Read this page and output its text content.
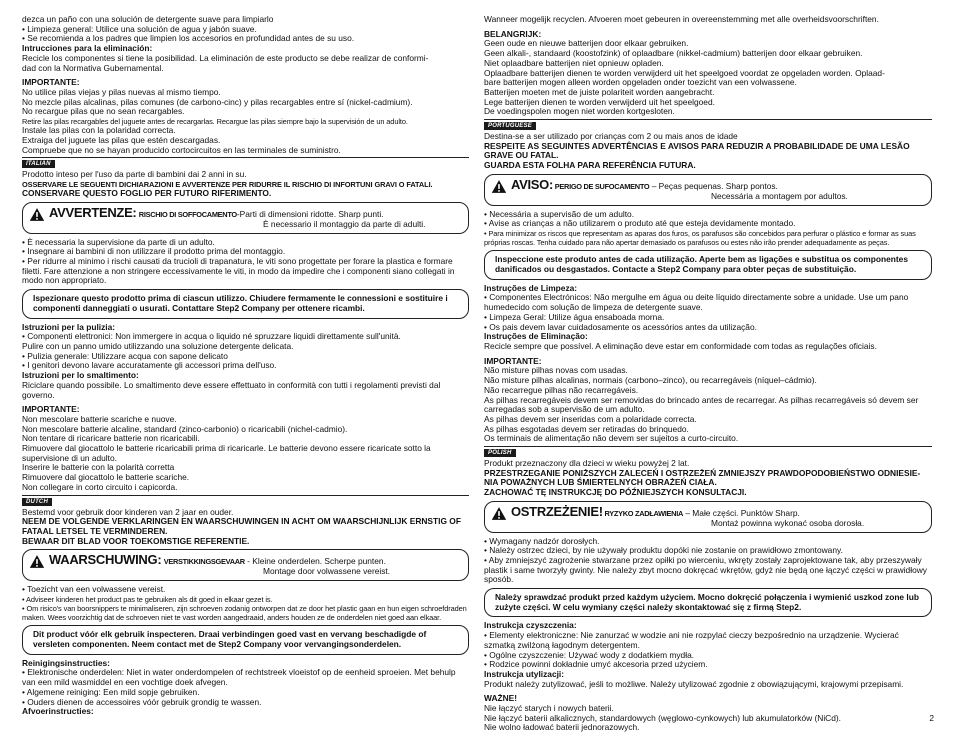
dezca un paño con una solución de detergente suave para limpiarlo

• Limpieza general: Utilice una solución de agua y jabón suave.

• Se recomienda a los padres que limpien los accesorios en profundidad antes de su uso.

Intrucciones para la eliminación:

Recicle los componentes si tiene la posibilidad. La eliminación de este producto se debe realizar de conformi-

dad con la Normativa Gubernamental.

IMPORTANTE:

No utilice pilas viejas y pilas nuevas al mismo tiempo.

No mezcle pilas alcalinas, pilas comunes (de carbono-cinc) y pilas recargables entre sí (nickel-cadmium).

No recargue pilas que no sean recargables.

Retire las pilas recargables del juguete antes de recargarlas. Recargue las pilas siempre bajo la supervisión de un adulto.

Instale las pilas con la polaridad correcta.

Extraiga del juguete las pilas que estén descargadas.

Compruebe que no se hayan producido cortocircuitos en las terminales de suministro.

ITALIAN

Prodotto inteso per l'uso da parte di bambini dai 2 anni in su.

OSSERVARE LE SEGUENTI DICHIARAZIONI E AVVERTENZE PER RIDURRE IL RISCHIO DI INFORTUNI GRAVI O FATALI.

CONSERVARE QUESTO FOGLIO PER FUTURO RIFERIMENTO.

AVVERTENZE: RISCHIO DI SOFFOCAMENTO-Parti di dimensioni ridotte. Sharp punti.
È necessario il montaggio da parte di adulti.

• È necessaria la supervisione da parte di un adulto.

• Insegnare ai bambini di non utilizzare il prodotto prima del montaggio.

• Per ridurre al minimo i rischi causati da trucioli di trapanatura, le viti sono progettate per forare la plastica e formare filetti. Fare attenzione a non stringere eccessivamente le viti, in modo da impedire che i componenti siano collegati in modo non appropriato.

Ispezionare questo prodotto prima di ciascun utilizzo. Chiudere fermamente le connessioni e sostituire i componenti danneggiati o usurati. Contattare Step2 Company per ottenere ricambi.

Istruzioni per la pulizia:

• Componenti elettronici: Non immergere in acqua o liquido né spruzzare liquidi direttamente sull'unità.

Pulire con un panno umido utilizzando una soluzione detergente delicata.

• Pulizia generale: Utilizzare acqua con sapone delicato

• I genitori devono lavare accuratamente gli accessori prima dell'uso.

Istruzioni per lo smaltimento:

Riciclare quando possibile. Lo smaltimento deve essere effettuato in conformità con tutti i regolamenti previsti dal governo.

IMPORTANTE:

Non mescolare batterie scariche e nuove.

Non mescolare batterie alcaline, standard (zinco-carbonio) o ricaricabili (nichel-cadmio).

Non tentare di ricaricare batterie non ricaricabili.

Rimuovere dal giocattolo le batterie ricaricabili prima di ricaricarle. Le batterie devono essere ricaricate sotto la supervisione di un adulto.

Inserire le batterie con la polarità corretta

Rimuovere dal giocattolo le batterie scariche.

Non collegare in corto circuito i capicorda.

DUTCH

Bestemd voor gebruik door kinderen van 2 jaar en ouder.

NEEM DE VOLGENDE VERKLARINGEN EN WAARSCHUWINGEN IN ACHT OM WAARSCHIJNLIJK ERNSTIG OF FATAAL LETSEL TE VERMINDEREN.

BEWAAR DIT BLAD VOOR TOEKOMSTIGE REFERENTIE.

WAARSCHUWING: VERSTIKKINGSGEVAAR - Kleine onderdelen. Scherpe punten.
Montage door volwassene vereist.

• Toezicht van een volwassene vereist.

• Adviseer kinderen het product pas te gebruiken als dit goed in elkaar gezet is.

• Om risico's van boorsnippers te minimaliseren, zijn schroeven zodanig ontworpen dat ze door het plastic gaan en hun eigen schroefdraden maken. Wees voorzichtig dat de schroeven niet te vast worden aangedraaid, anders houden ze de onderdelen niet goed aan elkaar.

Dit product vóór elk gebruik inspecteren. Draai verbindingen goed vast en vervang beschadigde of versleten componenten. Neem contact met de Step2 Company voor vervangingsonderdelen.

Reinigingsinstructies:

• Elektronische onderdelen: Niet in water onderdompelen of rechtstreek vloeistof op de eenheid sproeien. Met behulp van een mild wasmiddel en een vochtige doek afvegen.

• Algemene reiniging: Een mild sopje gebruiken.

• Ouders dienen de accessoires vóór gebruik grondig te wassen.

Afvoerinstructies:

Wanneer mogelijk recyclen. Afvoeren moet gebeuren in overeenstemming met alle overheidsvoorschriften.

BELANGRIJK:

Geen oude en nieuwe batterijen door elkaar gebruiken.

Geen alkali-, standaard (koostofzink) of oplaadbare (nikkel-cadmium) batterijen door elkaar gebruiken.

Niet oplaadbare batterijen niet opnieuw opladen.

Oplaadbare batterijen dienen te worden verwijderd uit het speelgoed voordat ze opgeladen worden. Oplaad-

bare batterijen mogen alleen worden opgeladen onder toezicht van een volwassene.

Batterijen moeten met de juiste polariteit worden aangebracht.

Lege batterijen dienen te worden verwijderd uit het speelgoed.

De voedingspolen mogen niet worden kortgesloten.

PORTUGUESE

Destina-se a ser utilizado por crianças com 2 ou mais anos de idade

RESPEITE AS SEGUINTES ADVERTÊNCIAS E AVISOS PARA REDUZIR A PROBABILIDADE DE UMA LESÃO GRAVE OU FATAL.

GUARDA ESTA FOLHA PARA REFERÊNCIA FUTURA.

AVISO: PERIGO DE SUFOCAMENTO – Peças pequenas. Sharp pontos.
Necessária a montagem por adultos.

• Necessária a supervisão de um adulto.

• Avise as crianças a não utilizarem o produto até que esteja devidamente montado.

• Para minimizar os riscos que representam as aparas dos furos, os parafusos são concebidos para perfurar o plástico e formar as suas próprias roscas. Tenha cuidado para não apertar demasiado os parafusos ou estes não irão prender adequadamente as peças.

Inspeccione este produto antes de cada utilização. Aperte bem as ligações e substitua os componentes danificados ou desgastados. Contacte a Step2 Company para obter peças de substituição.

Instruções de Limpeza:

• Componentes Electrónicos: Não mergulhe em água ou deite líquido directamente sobre a unidade. Use um pano humedecido com solução de limpeza de detergente suave.

• Limpeza Geral: Utilize água ensaboada morna.

• Os pais devem lavar cuidadosamente os acessórios antes da utilização.

Instruções de Eliminação:

Recicle sempre que possível. A eliminação deve estar em conformidade com todas as regulações oficiais.

IMPORTANTE:

Não misture pilhas novas com usadas.

Não misture pilhas alcalinas, normais (carbono–zinco), ou recarregáveis (níquel–cádmio).

Não recarregue pilhas não recarregáveis.

As pilhas recarregáveis devem ser removidas do brincado antes de recarregar. As pilhas recarregáveis só devem ser carregadas sob a supervisão de um adulto.

As pilhas devem ser inseridas com a polaridade correcta.

As pilhas esgotadas devem ser retiradas do brinquedo.

Os terminais de alimentação não devem ser sujeitos a curto-circuito.

POLISH

Produkt przeznaczony dla dzieci w wieku powyżej 2 lat.

PRZESTRZEGANIE PONIŻSZYCH ZALECEŃ I OSTRZEŻEŃ ZMNIEJSZY PRAWDOPODOBIEŃSTWO ODNIESIE-NIA POWAŻNYCH LUB ŚMIERTELNYCH OBRAŻEŃ CIAŁA.

ZACHOWAĆ TĘ INSTRUKCJĘ DO PÓŹNIEJSZYCH KONSULTACJI.

OSTRZEŻENIE! RYZYKO ZADŁAWIENIA – Małe części. Punktów Sharp.
Montaż powinna wykonać osoba dorosła.

• Wymagany nadzór dorosłych.

• Należy ostrzec dzieci, by nie używały produktu dopóki nie zostanie on prawidłowo zmontowany.

• Aby zmniejszyć zagrożenie stwarzane przez opiłki po wierceniu, wkręty zostały zaprojektowane tak, aby przeszywały plastik i same tworzyły gwinty. Nie należy zbyt mocno dokręcać wkrętów, gdyż nie będą one łączyć części w prawidłowy sposób.

Należy sprawdzać produkt przed każdym użyciem. Mocno dokręcić połączenia i wymienić uszkod zone lub zużyte części. W celu wymiany części należy skontaktować się z firmą Step2.

Instrukcja czyszczenia:

• Elementy elektroniczne: Nie zanurzać w wodzie ani nie rozpylać cieczy bezpośrednio na urządzenie. Wycierać szmatką zwilżoną łagodnym detergentem.

• Ogólne czyszczenie: Używać wody z dodatkiem mydła.

• Rodzice powinni dokładnie umyć akcesoria przed użyciem.

Instrukcja utylizacji:

Produkt należy zutylizować, jeśli to możliwe. Należy utylizować zgodnie z obowiązującymi, krajowymi przepisami.

WAŻNE!

Nie łączyć starych i nowych baterii.

Nie łączyć baterii alkalicznych, standardowych (węglowo-cynkowych) lub akumulatorków (NiCd).

Nie wolno ładować baterii jednorazowych.

2
